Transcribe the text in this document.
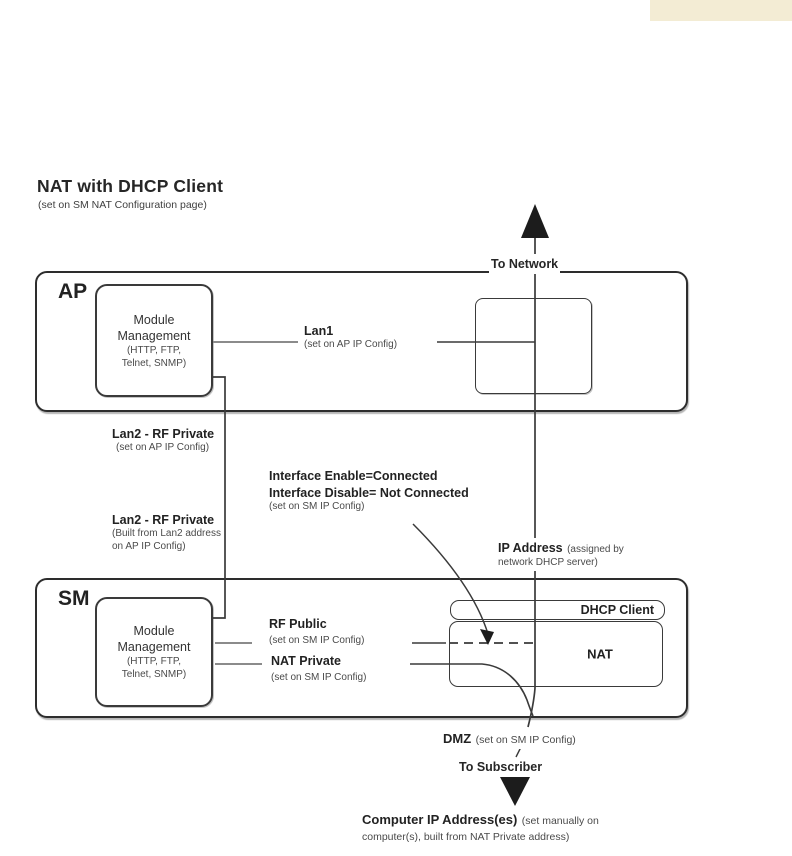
NAT with DHCP Client
(set on SM NAT Configuration page)
AP
SM
Module
Management
(HTTP, FTP,
Telnet, SNMP)
Module
Management
(HTTP, FTP,
Telnet, SNMP)
DHCP Client
NAT
To Network
Lan1
(set on AP IP Config)
Lan2 - RF Private
(set on AP IP Config)
Lan2 - RF Private
(Built from Lan2 address
on AP IP Config)
Interface Enable=Connected
Interface Disable= Not Connected
(set on SM IP Config)
IP Address (assigned by
network DHCP server)
RF Public
(set on SM IP Config)
NAT Private
(set on SM IP Config)
DMZ (set on SM IP Config)
To Subscriber
Computer IP Address(es) (set manually on
computer(s), built from NAT Private address)
